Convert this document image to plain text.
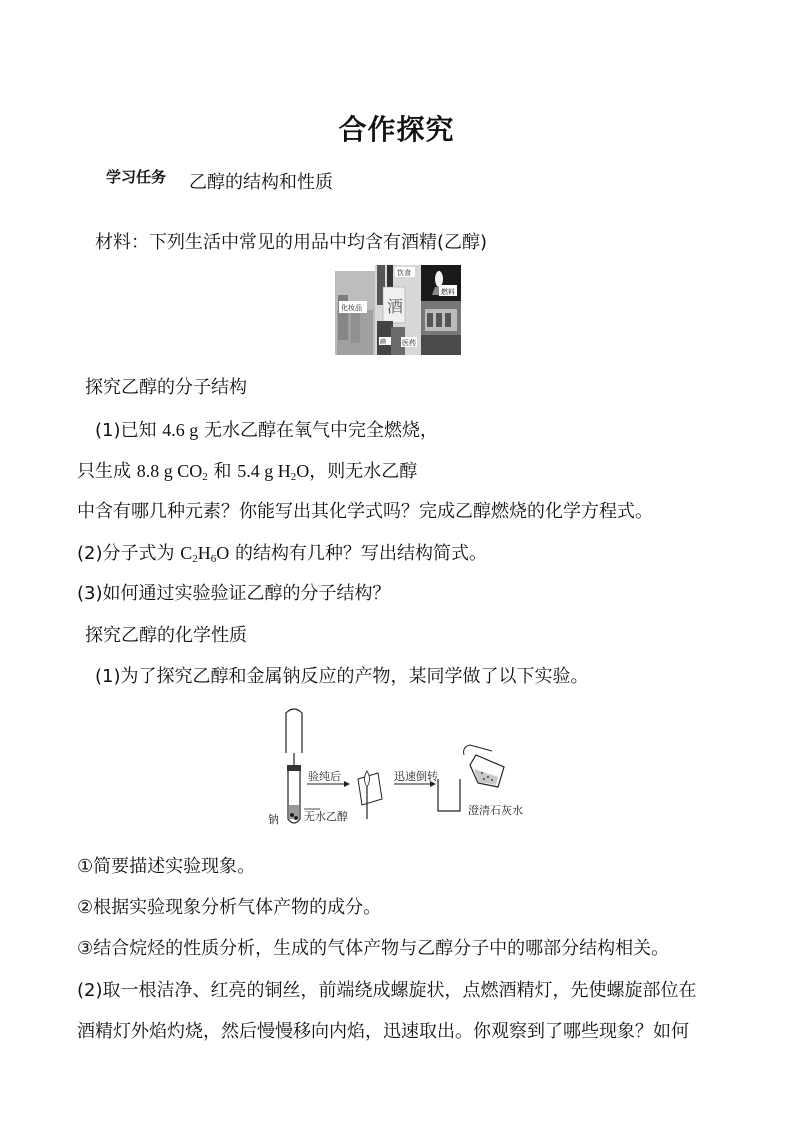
合作探究
学习任务 乙醇的结构和性质
材料：下列生活中常见的用品中均含有酒精(乙醇)
化妆品
饮食
酒
医药
碘
燃料
探究乙醇的分子结构
(1)已知 4.6 g 无水乙醇在氧气中完全燃烧，
只生成 8.8 g $CO_2$ 和 5.4 g $H_2O$，则无水乙醇
中含有哪几种元素？你能写出其化学式吗？完成乙醇燃烧的化学方程式。
(2)分子式为 $C_2H_6O$ 的结构有几种？写出结构简式。
(3)如何通过实验验证乙醇的分子结构？
探究乙醇的化学性质
(1)为了探究乙醇和金属钠反应的产物，某同学做了以下实验。
无水乙醇
钠
验纯后	迅速倒转
澄清石灰水
①简要描述实验现象。
②根据实验现象分析气体产物的成分。
③结合烷烃的性质分析，生成的气体产物与乙醇分子中的哪部分结构相关。
(2)取一根洁净、红亮的铜丝，前端绕成螺旋状，点燃酒精灯，先使螺旋部位在
酒精灯外焰灼烧，然后慢慢移向内焰，迅速取出。你观察到了哪些现象？如何
